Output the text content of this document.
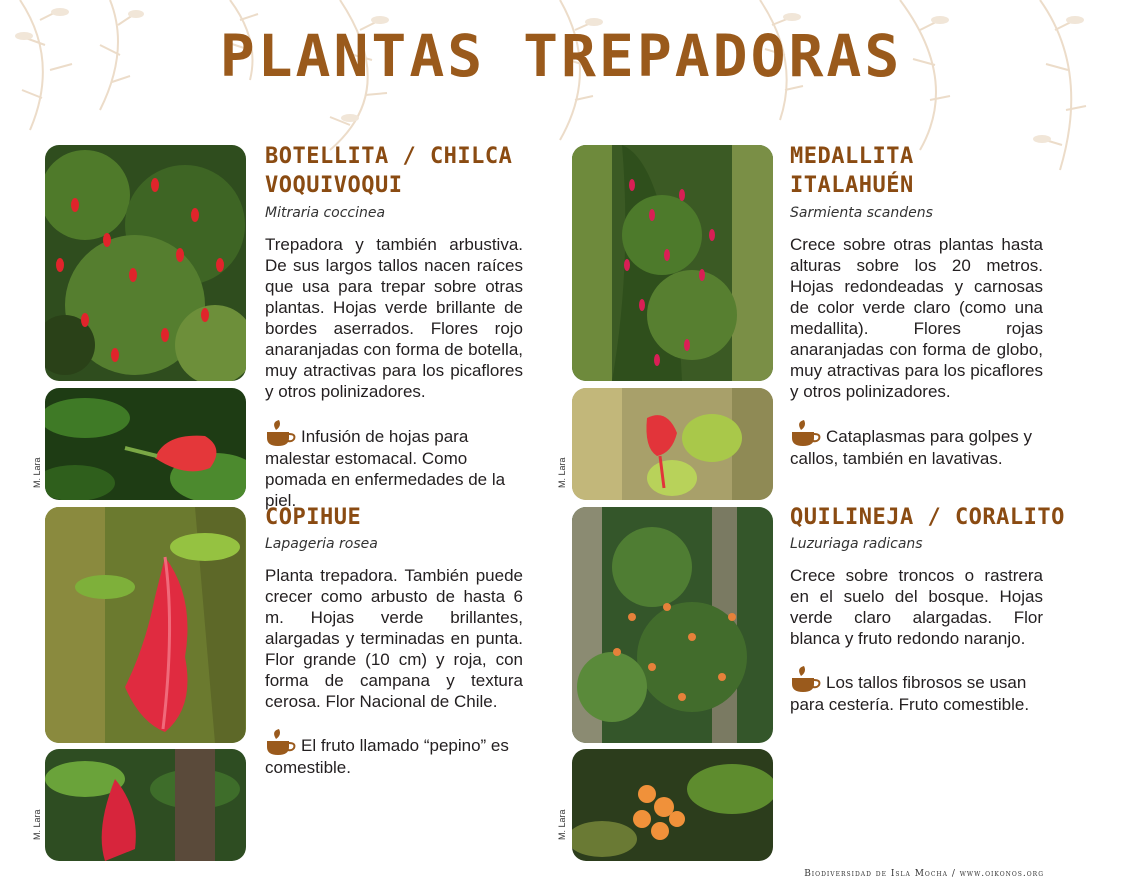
PLANTAS TREPADORAS
M. Lara
M. Lara
BOTELLITA / CHILCA
VOQUIVOQUI
Mitraria coccinea

Trepadora y también arbustiva. De sus largos tallos nacen raíces que usa para trepar sobre otras plantas. Hojas verde brillante de bordes aserrados. Flores rojo anaranjadas con forma de botella, muy atractivas para los picaflores y otros polinizadores.

Infusión de hojas para malestar estomacal. Como pomada en enfermedades de la piel.

COPIHUE
Lapageria rosea

Planta trepadora. También puede crecer como arbusto de hasta 6 m. Hojas verde brillantes, alargadas y terminadas en punta. Flor grande (10 cm) y roja, con forma de campana y textura cerosa. Flor Nacional de Chile.

El fruto llamado “pepino” es comestible.

M. Lara
M. Lara
MEDALLITA
ITALAHUÉN
Sarmienta scandens

Crece sobre otras plantas hasta alturas sobre los 20 metros. Hojas redondeadas y carnosas de color verde claro (como una medallita). Flores rojas anaranjadas con forma de globo, muy atractivas para los picaflores y otros polinizadores.

Cataplasmas para golpes y callos, también en lavativas.

QUILINEJA / CORALITO
Luzuriaga radicans

Crece sobre troncos o rastrera en el suelo del bosque. Hojas verde claro alargadas. Flor blanca y fruto redondo naranjo.

Los tallos fibrosos se usan para cestería. Fruto comestible.

Biodiversidad de Isla Mocha / www.oikonos.org
